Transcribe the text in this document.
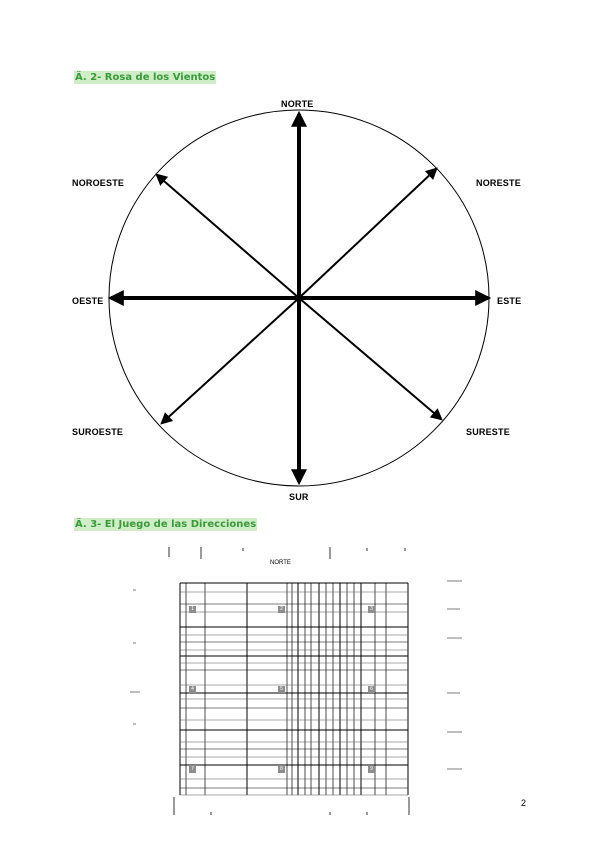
Ä. 2- Rosa de los Vientos
NORTE
NORESTE
ESTE
SURESTE
SUR
SUROESTE
OESTE
NOROESTE
Ä. 3- El Juego de las Direcciones
NORTE
1	2	3
4	5	6
7	8	9
2
